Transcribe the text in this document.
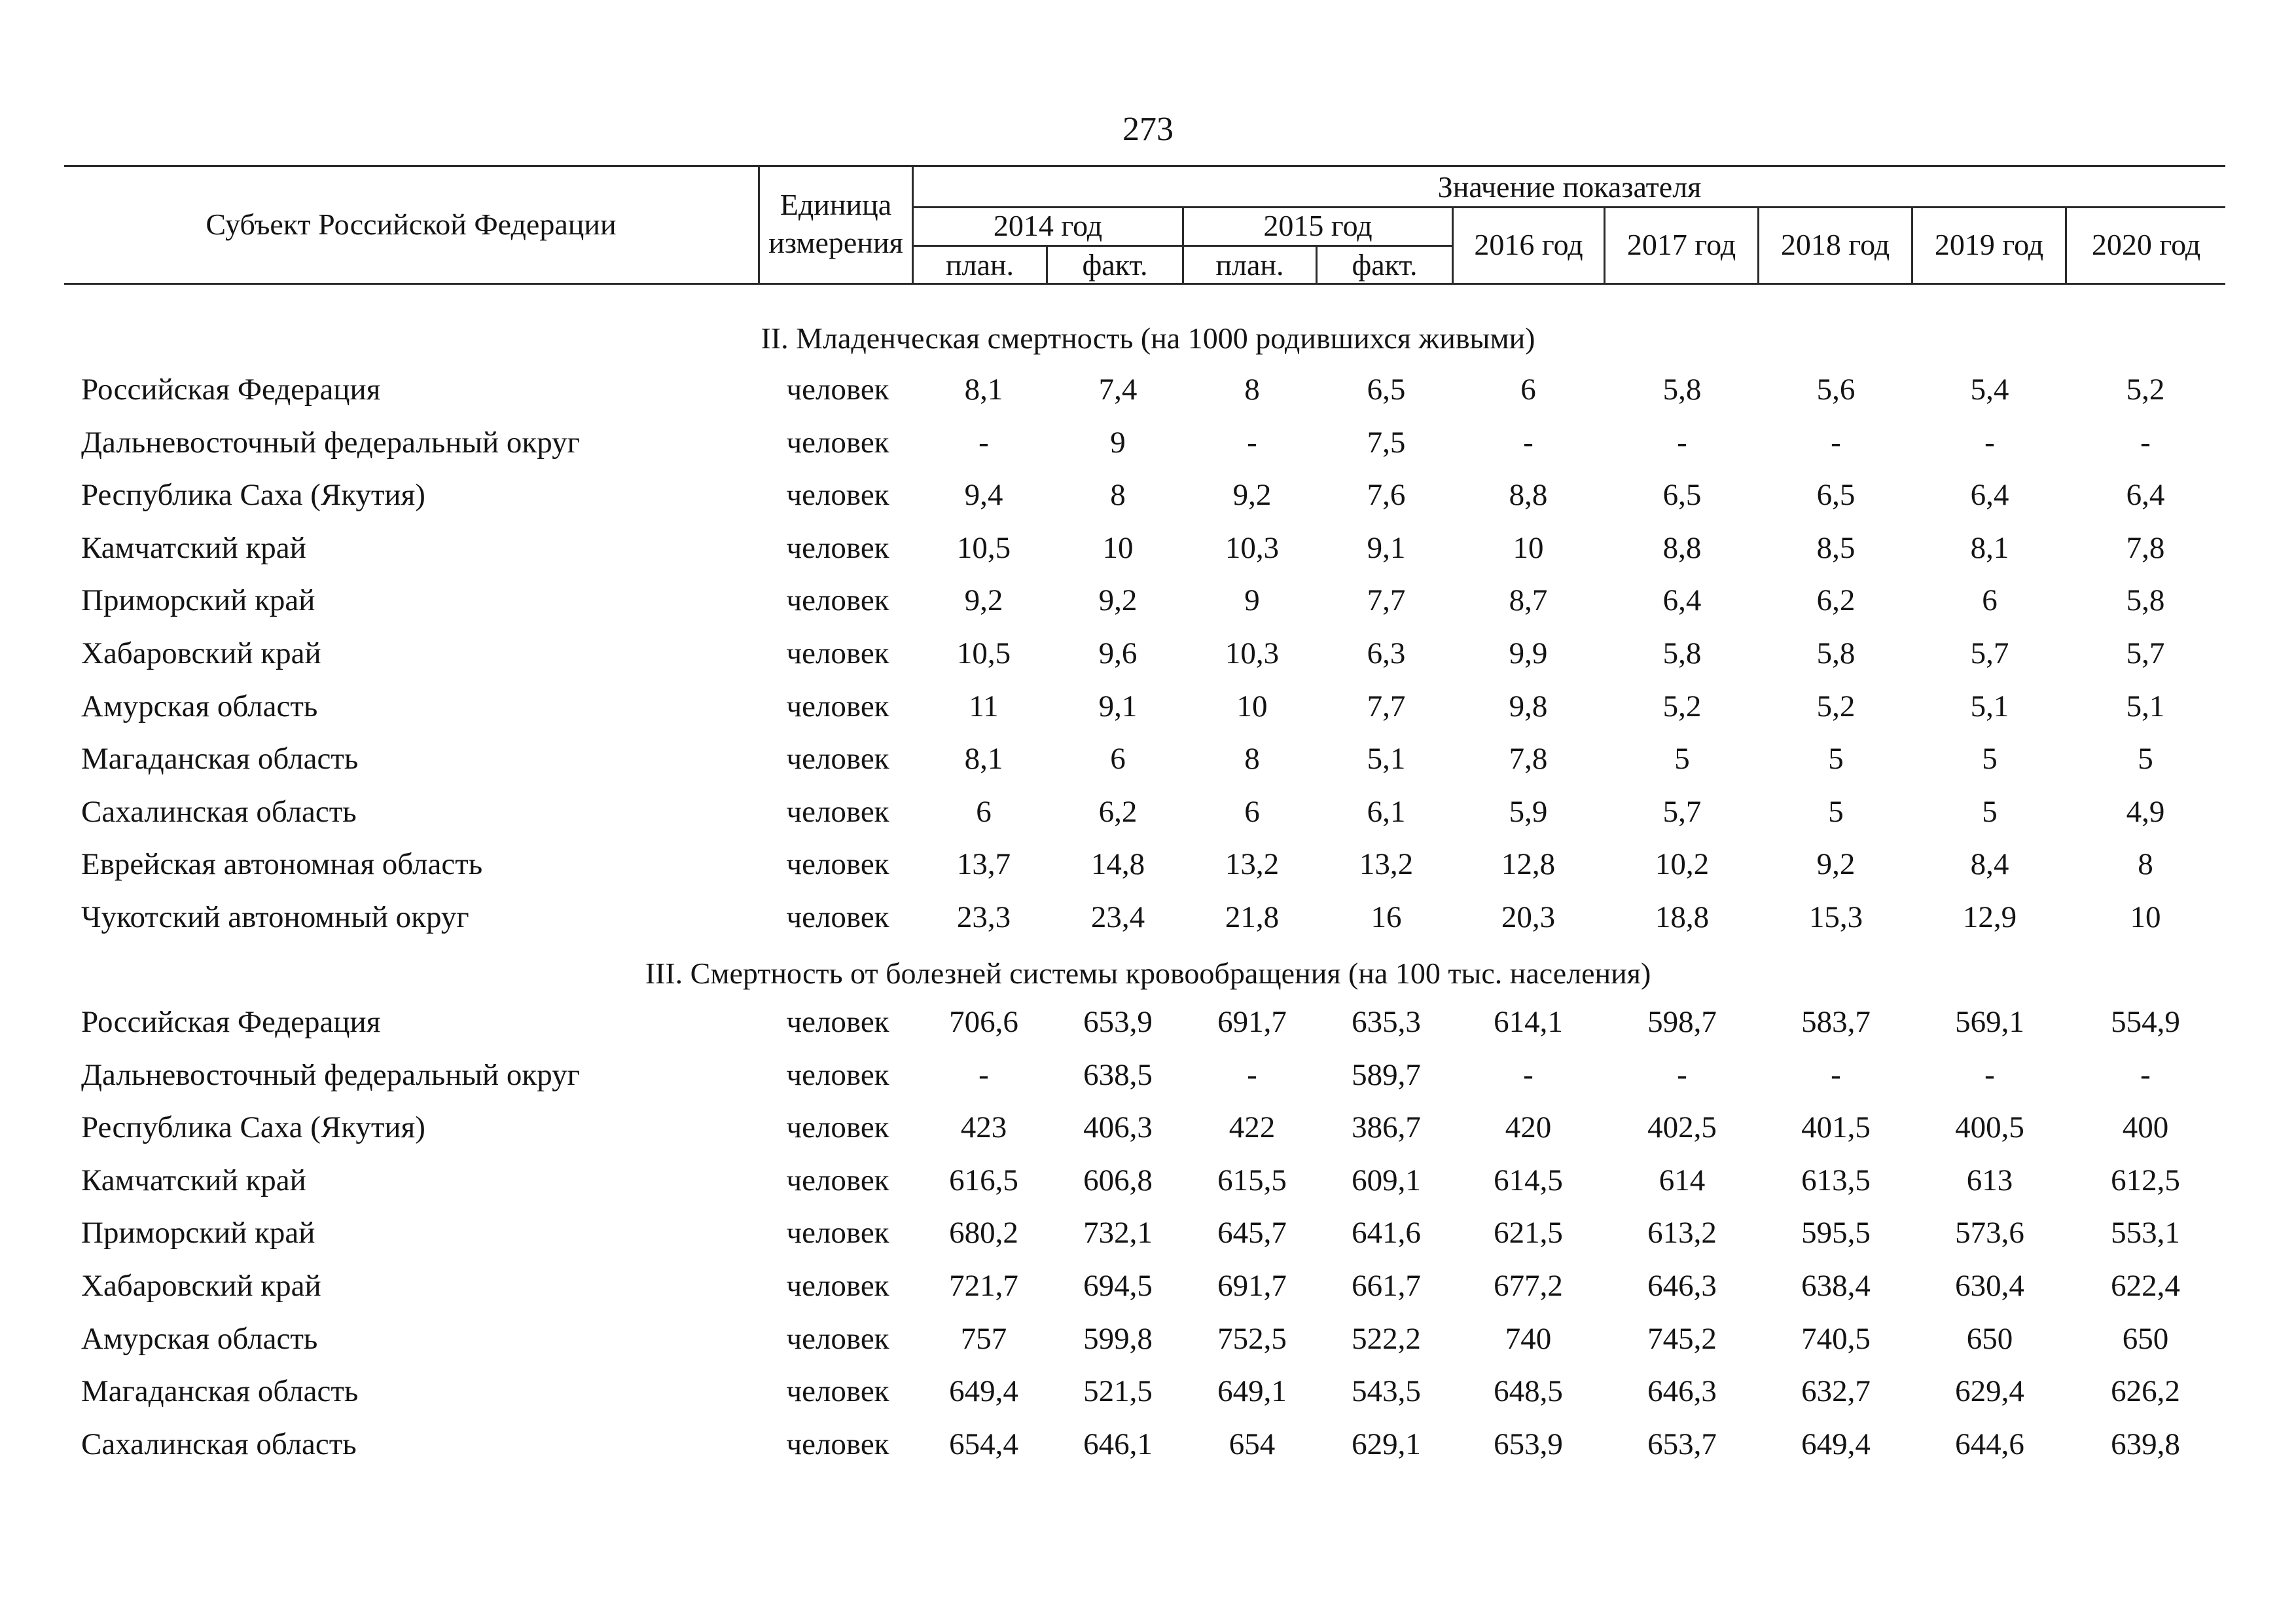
273
Субъект Российской Федерации
Единица
измерения
Значение показателя
2014 год	2015 год
план.	факт.	план.	факт.
2016 год	2017 год	2018 год	2019 год	2020 год
II. Младенческая смертность (на 1000 родившихся живыми)
Российская Федерация	человек	8,1	7,4	8	6,5	6	5,8	5,6	5,4	5,2
Дальневосточный федеральный округ	человек	-	9	-	7,5	-	-	-	-	-
Республика Саха (Якутия)	человек	9,4	8	9,2	7,6	8,8	6,5	6,5	6,4	6,4
Камчатский край	человек	10,5	10	10,3	9,1	10	8,8	8,5	8,1	7,8
Приморский край	человек	9,2	9,2	9	7,7	8,7	6,4	6,2	6	5,8
Хабаровский край	человек	10,5	9,6	10,3	6,3	9,9	5,8	5,8	5,7	5,7
Амурская область	человек	11	9,1	10	7,7	9,8	5,2	5,2	5,1	5,1
Магаданская область	человек	8,1	6	8	5,1	7,8	5	5	5	5
Сахалинская область	человек	6	6,2	6	6,1	5,9	5,7	5	5	4,9
Еврейская автономная область	человек	13,7	14,8	13,2	13,2	12,8	10,2	9,2	8,4	8
Чукотский автономный округ	человек	23,3	23,4	21,8	16	20,3	18,8	15,3	12,9	10
III. Смертность от болезней системы кровообращения (на 100 тыс. населения)
Российская Федерация	человек	706,6	653,9	691,7	635,3	614,1	598,7	583,7	569,1	554,9
Дальневосточный федеральный округ	человек	-	638,5	-	589,7	-	-	-	-	-
Республика Саха (Якутия)	человек	423	406,3	422	386,7	420	402,5	401,5	400,5	400
Камчатский край	человек	616,5	606,8	615,5	609,1	614,5	614	613,5	613	612,5
Приморский край	человек	680,2	732,1	645,7	641,6	621,5	613,2	595,5	573,6	553,1
Хабаровский край	человек	721,7	694,5	691,7	661,7	677,2	646,3	638,4	630,4	622,4
Амурская область	человек	757	599,8	752,5	522,2	740	745,2	740,5	650	650
Магаданская область	человек	649,4	521,5	649,1	543,5	648,5	646,3	632,7	629,4	626,2
Сахалинская область	человек	654,4	646,1	654	629,1	653,9	653,7	649,4	644,6	639,8
